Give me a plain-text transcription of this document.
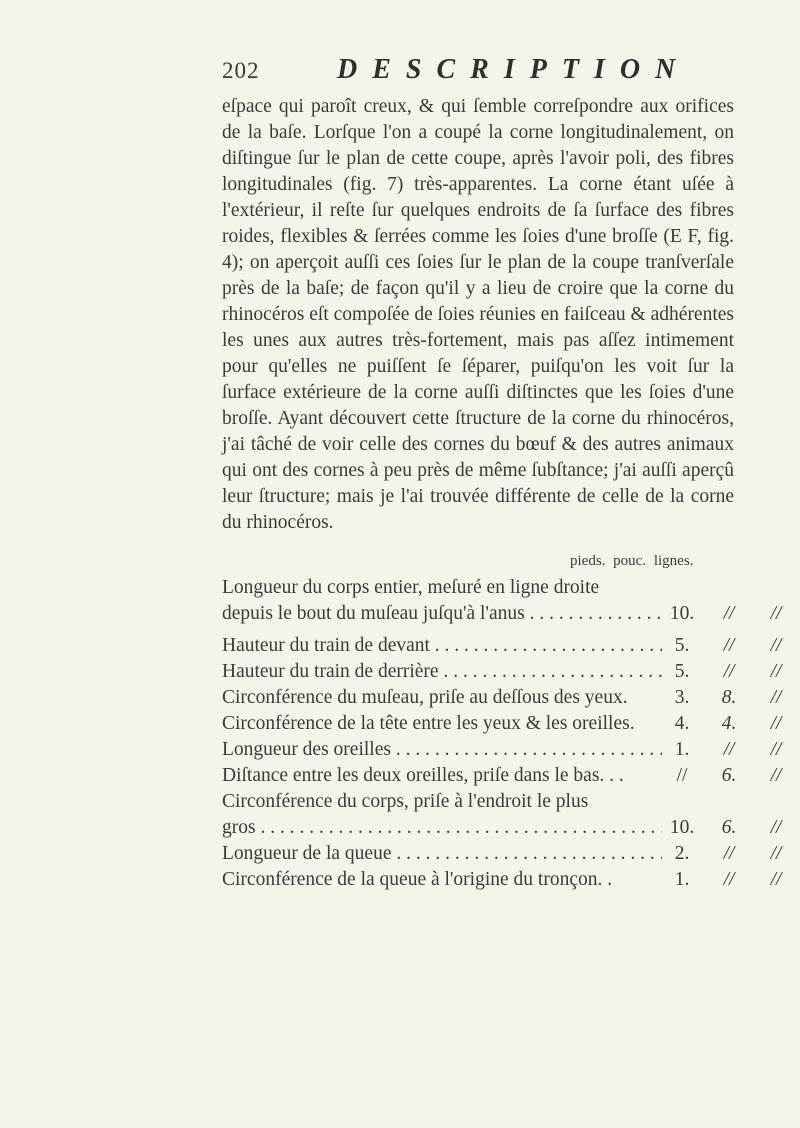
202	DESCRIPTION

eſpace qui paroît creux, & qui ſemble correſpondre aux orifices de la baſe. Lorſque l'on a coupé la corne longitudinalement, on diſtingue ſur le plan de cette coupe, après l'avoir poli, des fibres longitudinales (fig. 7) très-apparentes. La corne étant uſée à l'extérieur, il reſte ſur quelques endroits de ſa ſurface des fibres roides, flexibles & ſerrées comme les ſoies d'une broſſe (E F, fig. 4); on aperçoit auſſi ces ſoies ſur le plan de la coupe tranſverſale près de la baſe; de façon qu'il y a lieu de croire que la corne du rhinocéros eſt compoſée de ſoies réunies en faiſceau & adhérentes les unes aux autres très-fortement, mais pas aſſez intimement pour qu'elles ne puiſſent ſe ſéparer, puiſqu'on les voit ſur la ſurface extérieure de la corne auſſi diſtinctes que les ſoies d'une broſſe. Ayant découvert cette ſtructure de la corne du rhinocéros, j'ai tâché de voir celle des cornes du bœuf & des autres animaux qui ont des cornes à peu près de même ſubſtance; j'ai auſſi aperçû leur ſtructure; mais je l'ai trouvée différente de celle de la corne du rhinocéros.

pieds. pouc. lignes.
Longueur du corps entier, meſuré en ligne droite
depuis le bout du muſeau juſqu'à l'anus . . .	10.	//	//
Hauteur du train de devant . . .	5.	//	//
Hauteur du train de derrière . . .	5.	//	//
Circonférence du muſeau, priſe au deſſous des yeux.	3.	8.	//
Circonférence de la tête entre les yeux & les oreilles.	4.	4.	//
Longueur des oreilles . . .	1.	//	//
Diſtance entre les deux oreilles, priſe dans le bas. . .	//	6.	//
Circonférence du corps, priſe à l'endroit le plus
gros . . .	10.	6.	//
Longueur de la queue . . .	2.	//	//
Circonférence de la queue à l'origine du tronçon. .	1.	//	//
